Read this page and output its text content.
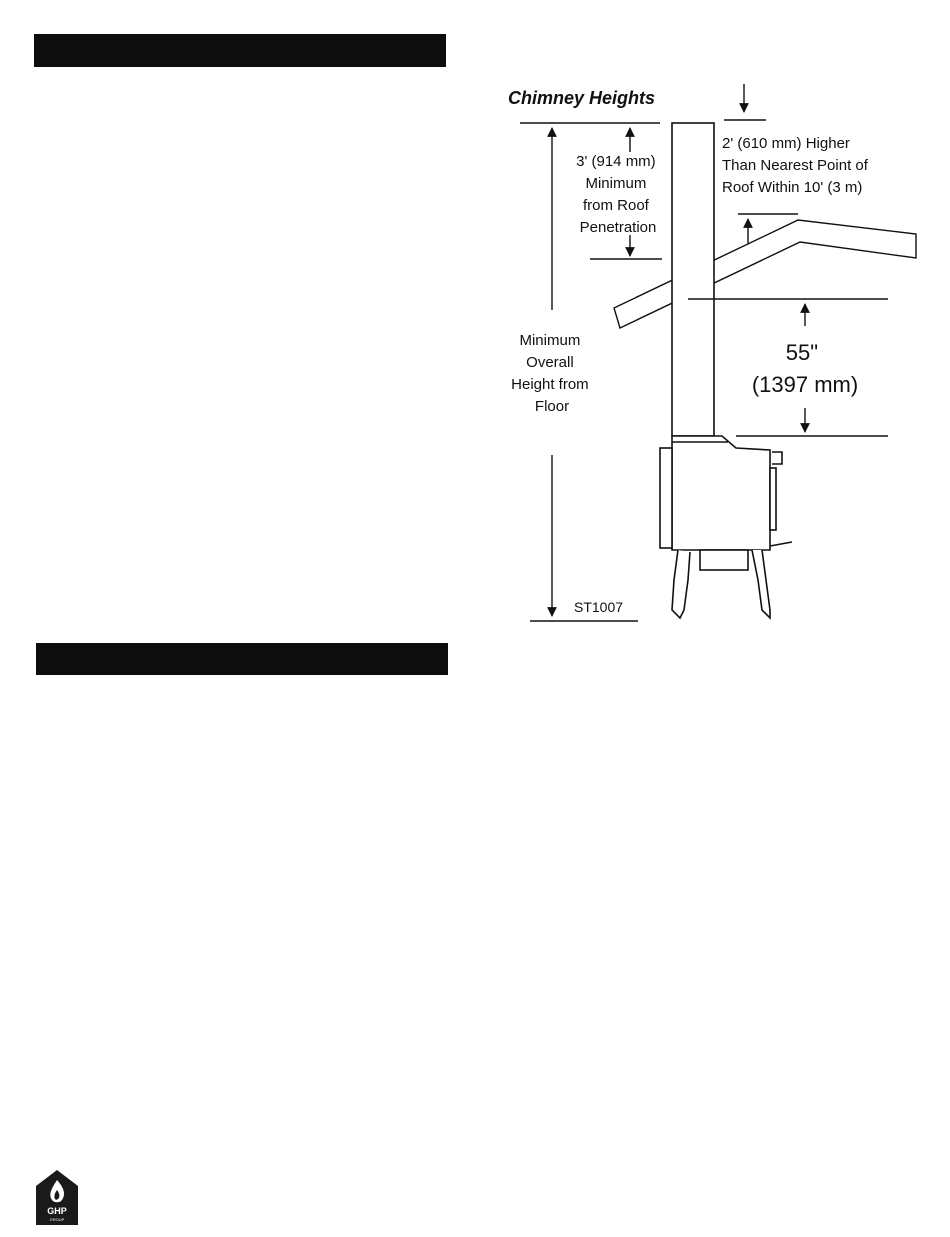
Chimney Heights
Minimum Overall Height from Floor
3' (914 mm) Minimum from Roof Penetration
2' (610 mm) Higher Than Nearest Point of Roof Within 10' (3 m)
55" (1397 mm)
ST1007
GHP
GROUP
